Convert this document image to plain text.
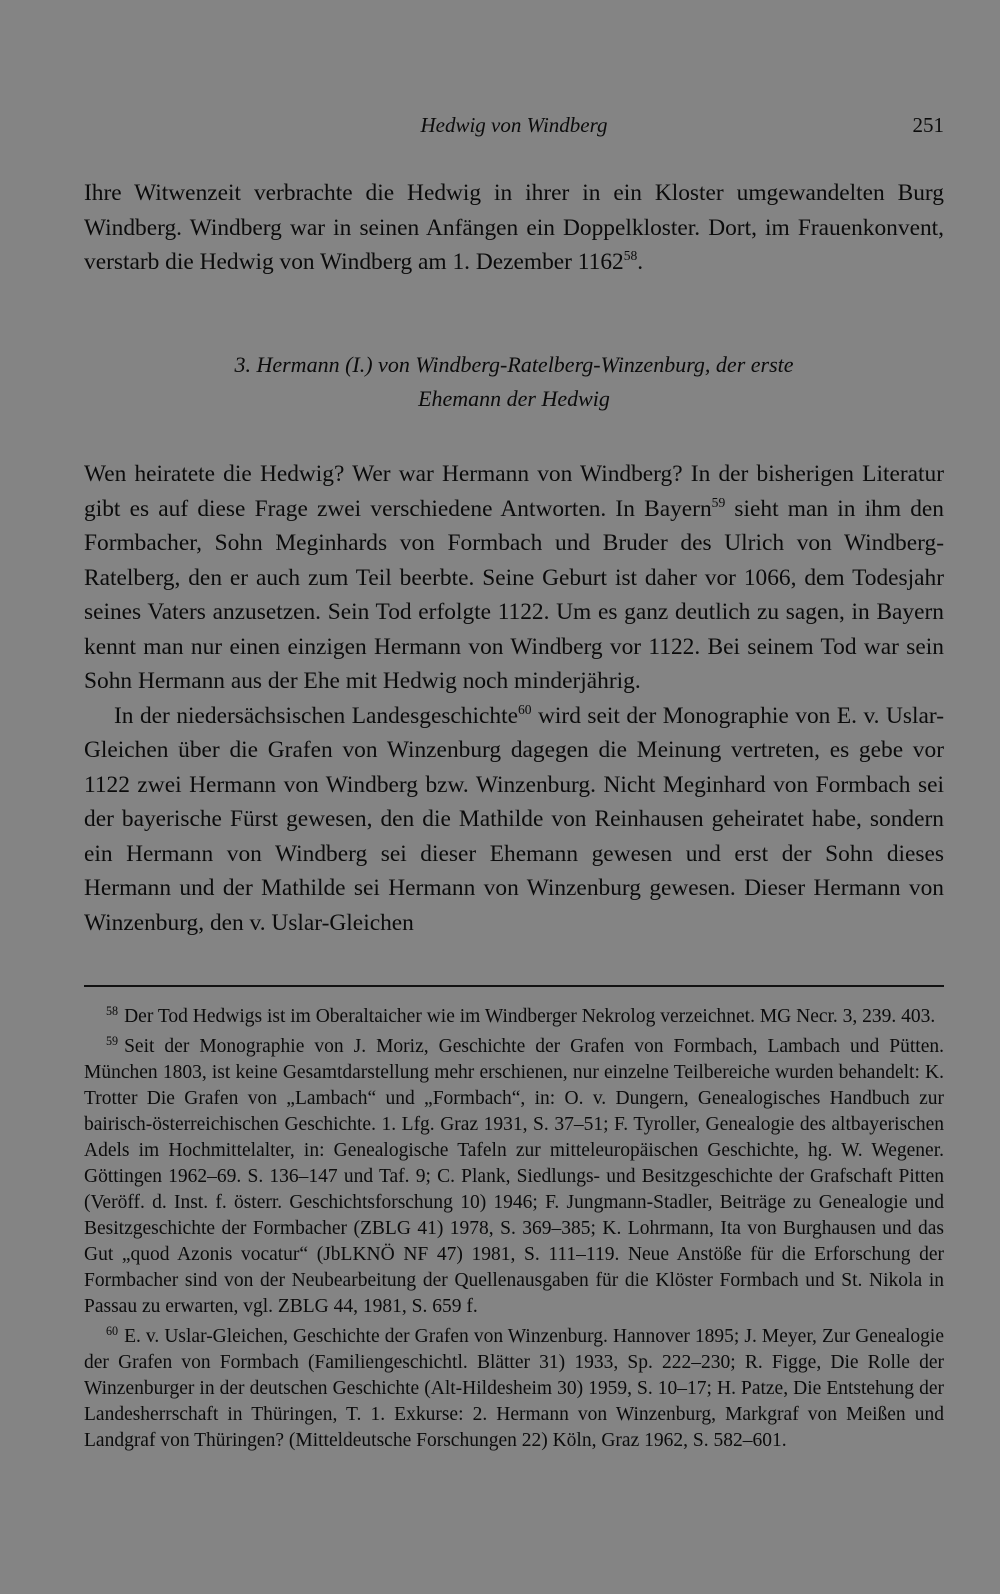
Hedwig von Windberg	251

Ihre Witwenzeit verbrachte die Hedwig in ihrer in ein Kloster umgewandelten Burg Windberg. Windberg war in seinen Anfängen ein Doppelkloster. Dort, im Frauenkonvent, verstarb die Hedwig von Windberg am 1. Dezember 1162$^{58}$.

3. Hermann (I.) von Windberg-Ratelberg-Winzenburg, der erste
Ehemann der Hedwig

Wen heiratete die Hedwig? Wer war Hermann von Windberg? In der bisherigen Literatur gibt es auf diese Frage zwei verschiedene Antworten. In Bayern$^{59}$ sieht man in ihm den Formbacher, Sohn Meginhards von Formbach und Bruder des Ulrich von Windberg-Ratelberg, den er auch zum Teil beerbte. Seine Geburt ist daher vor 1066, dem Todesjahr seines Vaters anzusetzen. Sein Tod erfolgte 1122. Um es ganz deutlich zu sagen, in Bayern kennt man nur einen einzigen Hermann von Windberg vor 1122. Bei seinem Tod war sein Sohn Hermann aus der Ehe mit Hedwig noch minderjährig.

In der niedersächsischen Landesgeschichte$^{60}$ wird seit der Monographie von E. v. Uslar-Gleichen über die Grafen von Winzenburg dagegen die Meinung vertreten, es gebe vor 1122 zwei Hermann von Windberg bzw. Winzenburg. Nicht Meginhard von Formbach sei der bayerische Fürst gewesen, den die Mathilde von Reinhausen geheiratet habe, sondern ein Hermann von Windberg sei dieser Ehemann gewesen und erst der Sohn dieses Hermann und der Mathilde sei Hermann von Winzenburg gewesen. Dieser Hermann von Winzenburg, den v. Uslar-Gleichen

$^{58}$ Der Tod Hedwigs ist im Oberaltaicher wie im Windberger Nekrolog verzeichnet. MG Necr. 3, 239. 403.

$^{59}$ Seit der Monographie von J. Moriz, Geschichte der Grafen von Formbach, Lambach und Pütten. München 1803, ist keine Gesamtdarstellung mehr erschienen, nur einzelne Teilbereiche wurden behandelt: K. Trotter Die Grafen von „Lambach“ und „Formbach“, in: O. v. Dungern, Genealogisches Handbuch zur bairisch-österreichischen Geschichte. 1. Lfg. Graz 1931, S. 37–51; F. Tyroller, Genealogie des altbayerischen Adels im Hochmittelalter, in: Genealogische Tafeln zur mitteleuropäischen Geschichte, hg. W. Wegener. Göttingen 1962–69. S. 136–147 und Taf. 9; C. Plank, Siedlungs- und Besitzgeschichte der Grafschaft Pitten (Veröff. d. Inst. f. österr. Geschichtsforschung 10) 1946; F. Jungmann-Stadler, Beiträge zu Genealogie und Besitzgeschichte der Formbacher (ZBLG 41) 1978, S. 369–385; K. Lohrmann, Ita von Burghausen und das Gut „quod Azonis vocatur“ (JbLKNÖ NF 47) 1981, S. 111–119. Neue Anstöße für die Erforschung der Formbacher sind von der Neubearbeitung der Quellenausgaben für die Klöster Formbach und St. Nikola in Passau zu erwarten, vgl. ZBLG 44, 1981, S. 659 f.

$^{60}$ E. v. Uslar-Gleichen, Geschichte der Grafen von Winzenburg. Hannover 1895; J. Meyer, Zur Genealogie der Grafen von Formbach (Familiengeschichtl. Blätter 31) 1933, Sp. 222–230; R. Figge, Die Rolle der Winzenburger in der deutschen Geschichte (Alt-Hildesheim 30) 1959, S. 10–17; H. Patze, Die Entstehung der Landesherrschaft in Thüringen, T. 1. Exkurse: 2. Hermann von Winzenburg, Markgraf von Meißen und Landgraf von Thüringen? (Mitteldeutsche Forschungen 22) Köln, Graz 1962, S. 582–601.
